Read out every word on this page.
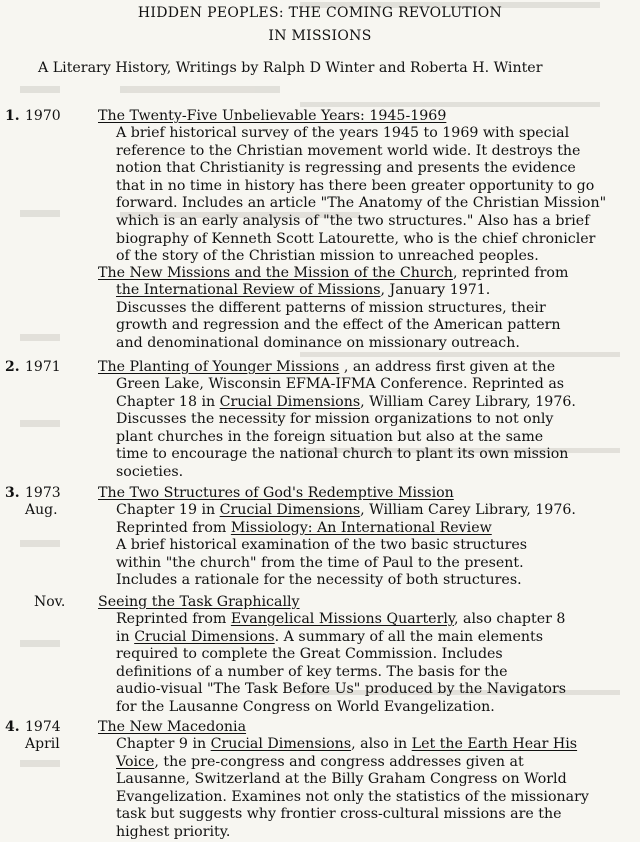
HIDDEN PEOPLES: THE COMING REVOLUTION
IN MISSIONS
A Literary History, Writings by Ralph D Winter and Roberta H. Winter
1. 1970	The Twenty-Five Unbelievable Years: 1945-1969
A brief historical survey of the years 1945 to 1969 with special
reference to the Christian movement world wide. It destroys the
notion that Christianity is regressing and presents the evidence
that in no time in history has there been greater opportunity to go
forward. Includes an article "The Anatomy of the Christian Mission"
which is an early analysis of "the two structures." Also has a brief
biography of Kenneth Scott Latourette, who is the chief chronicler
of the story of the Christian mission to unreached peoples.
The New Missions and the Mission of the Church, reprinted from
the International Review of Missions, January 1971.
Discusses the different patterns of mission structures, their
growth and regression and the effect of the American pattern
and denominational dominance on missionary outreach.
2. 1971	The Planting of Younger Missions , an address first given at the
Green Lake, Wisconsin EFMA-IFMA Conference. Reprinted as
Chapter 18 in Crucial Dimensions, William Carey Library, 1976.
Discusses the necessity for mission organizations to not only
plant churches in the foreign situation but also at the same
time to encourage the national church to plant its own mission
societies.
3. 1973
Aug.
The Two Structures of God's Redemptive Mission
Chapter 19 in Crucial Dimensions, William Carey Library, 1976.
Reprinted from Missiology: An International Review
A brief historical examination of the two basic structures
within "the church" from the time of Paul to the present.
Includes a rationale for the necessity of both structures.
Nov. Seeing the Task Graphically
Reprinted from Evangelical Missions Quarterly, also chapter 8
in Crucial Dimensions. A summary of all the main elements
required to complete the Great Commission. Includes
definitions of a number of key terms. The basis for the
audio-visual "The Task Before Us" produced by the Navigators
for the Lausanne Congress on World Evangelization.
4. 1974
April
The New Macedonia
Chapter 9 in Crucial Dimensions, also in Let the Earth Hear His
Voice, the pre-congress and congress addresses given at
Lausanne, Switzerland at the Billy Graham Congress on World
Evangelization. Examines not only the statistics of the missionary
task but suggests why frontier cross-cultural missions are the
highest priority.
